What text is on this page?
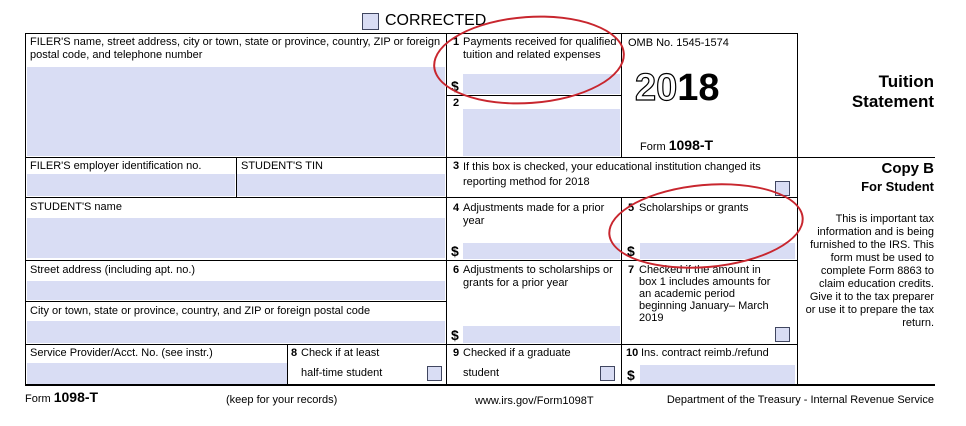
CORRECTED
FILER'S name, street address, city or town, state or province, country, ZIP or foreign postal code, and telephone number
FILER'S employer identification no.	STUDENT'S TIN
STUDENT'S name
Street address (including apt. no.)
City or town, state or province, country, and ZIP or foreign postal code
Service Provider/Acct. No. (see instr.)	8 Check if at least
half-time student
1 Payments received for qualified tuition and related expenses
$
2
3 If this box is checked, your educational institution changed its reporting method for 2018
4 Adjustments made for a prior year
$
6 Adjustments to scholarships or grants for a prior year
$
9 Checked if a graduate
student
OMB No. 1545-1574
2018
Form 1098-T
5 Scholarships or grants
$
7 Checked if the amount in box 1 includes amounts for an academic period beginning January– March 2019
10 Ins. contract reimb./refund
$
Tuition
Statement
Copy B
For Student
This is important tax information and is being furnished to the IRS. This form must be used to complete Form 8863 to claim education credits. Give it to the tax preparer or use it to prepare the tax return.
Form 1098-T	(keep for your records)	www.irs.gov/Form1098T	Department of the Treasury - Internal Revenue Service
